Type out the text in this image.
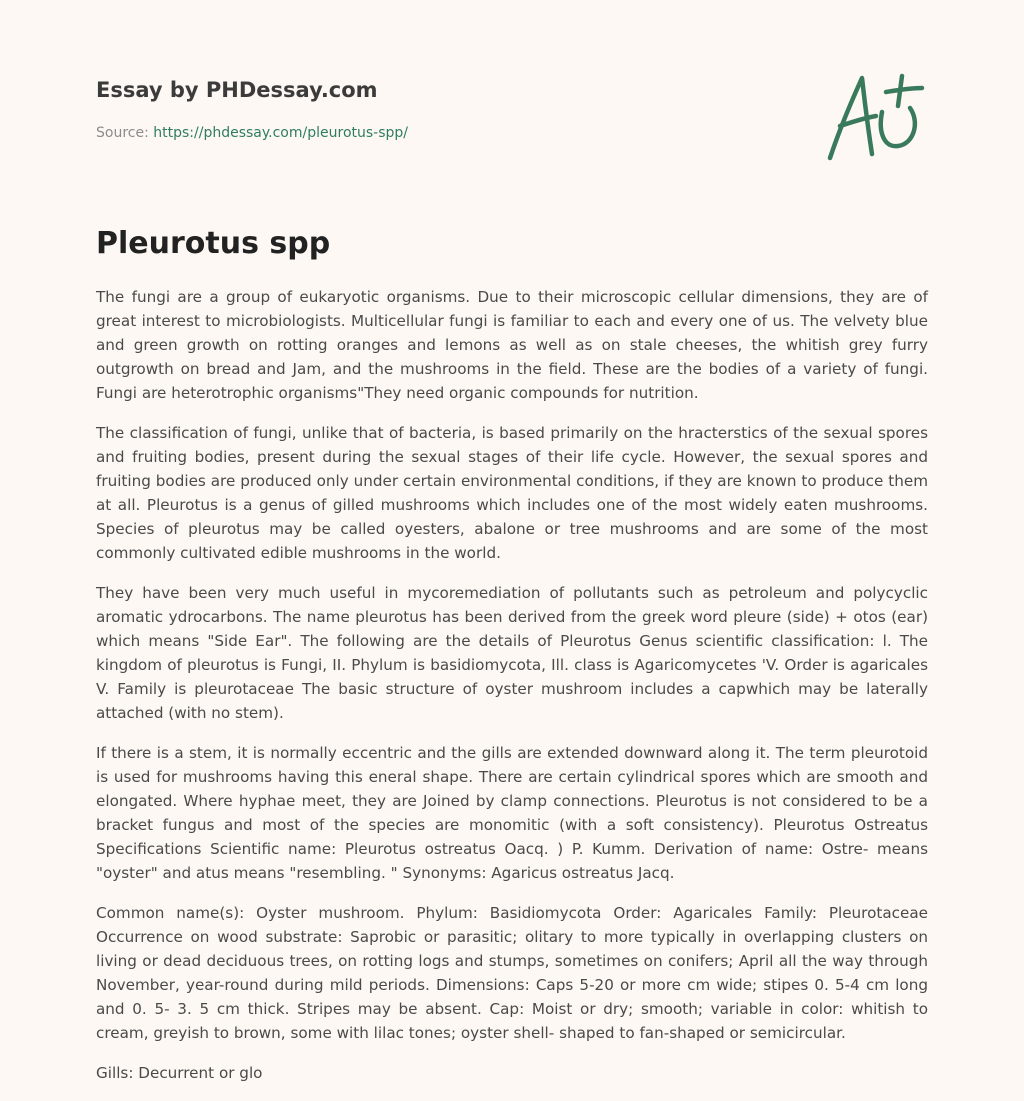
Essay by PHDessay.com
Source: https://phdessay.com/pleurotus-spp/
Pleurotus spp

The fungi are a group of eukaryotic organisms. Due to their microscopic cellular dimensions, they are of great interest to microbiologists. Multicellular fungi is familiar to each and every one of us. The velvety blue and green growth on rotting oranges and lemons as well as on stale cheeses, the whitish grey furry outgrowth on bread and Jam, and the mushrooms in the field. These are the bodies of a variety of fungi. Fungi are heterotrophic organisms"They need organic compounds for nutrition.

The classification of fungi, unlike that of bacteria, is based primarily on the hracterstics of the sexual spores and fruiting bodies, present during the sexual stages of their life cycle. However, the sexual spores and fruiting bodies are produced only under certain environmental conditions, if they are known to produce them at all. Pleurotus is a genus of gilled mushrooms which includes one of the most widely eaten mushrooms. Species of pleurotus may be called oyesters, abalone or tree mushrooms and are some of the most commonly cultivated edible mushrooms in the world.

They have been very much useful in mycoremediation of pollutants such as petroleum and polycyclic aromatic ydrocarbons. The name pleurotus has been derived from the greek word pleure (side) + otos (ear) which means "Side Ear". The following are the details of Pleurotus Genus scientific classification: l. The kingdom of pleurotus is Fungi, II. Phylum is basidiomycota, Ill. class is Agaricomycetes 'V. Order is agaricales V. Family is pleurotaceae The basic structure of oyster mushroom includes a capwhich may be laterally attached (with no stem).

If there is a stem, it is normally eccentric and the gills are extended downward along it. The term pleurotoid is used for mushrooms having this eneral shape. There are certain cylindrical spores which are smooth and elongated. Where hyphae meet, they are Joined by clamp connections. Pleurotus is not considered to be a bracket fungus and most of the species are monomitic (with a soft consistency). Pleurotus Ostreatus Specifications Scientific name: Pleurotus ostreatus Oacq. ) P. Kumm. Derivation of name: Ostre- means "oyster" and atus means "resembling. " Synonyms: Agaricus ostreatus Jacq.

Common name(s): Oyster mushroom. Phylum: Basidiomycota Order: Agaricales Family: Pleurotaceae Occurrence on wood substrate: Saprobic or parasitic; olitary to more typically in overlapping clusters on living or dead deciduous trees, on rotting logs and stumps, sometimes on conifers; April all the way through November, year-round during mild periods. Dimensions: Caps 5-20 or more cm wide; stipes 0. 5-4 cm long and 0. 5- 3. 5 cm thick. Stripes may be absent. Cap: Moist or dry; smooth; variable in color: whitish to cream, greyish to brown, some with lilac tones; oyster shell- shaped to fan-shaped or semicircular.

Gills: Decurrent or glo
